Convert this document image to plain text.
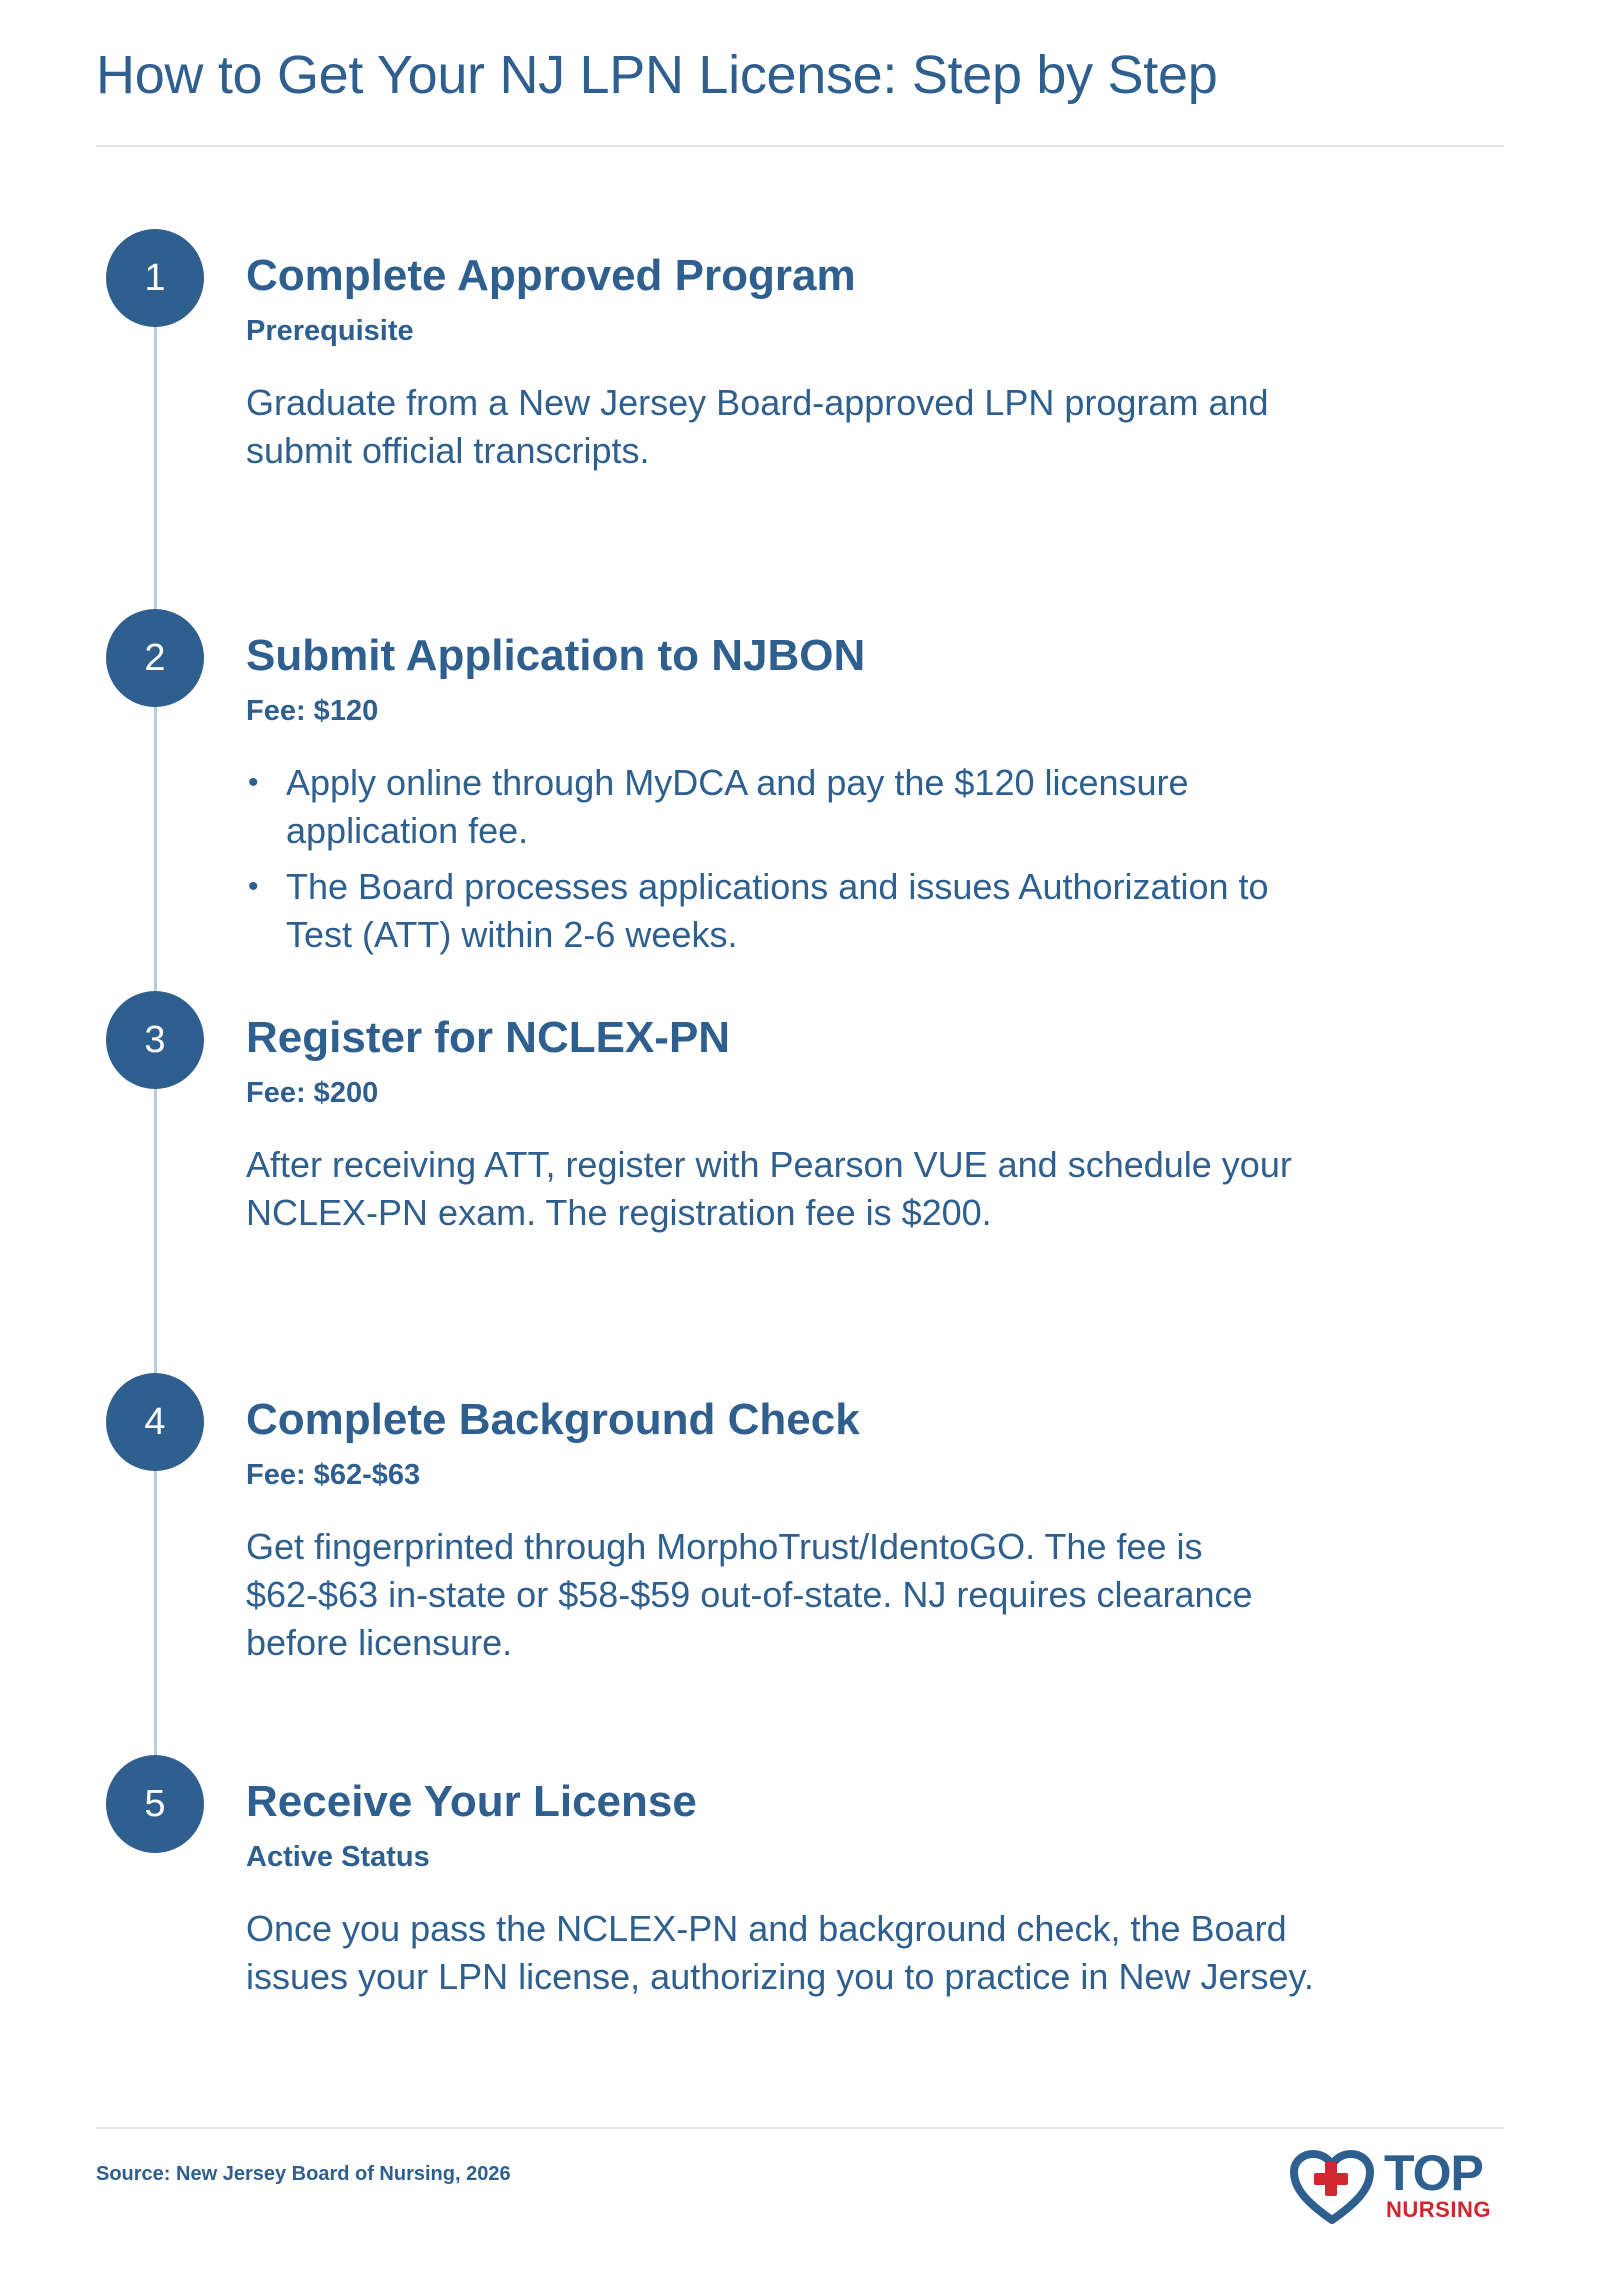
How to Get Your NJ LPN License: Step by Step
1	Complete Approved Program
Prerequisite

Graduate from a New Jersey Board-approved LPN program and submit official transcripts.

2	Submit Application to NJBON
Fee: $120
• Apply online through MyDCA and pay the $120 licensure application fee.
• The Board processes applications and issues Authorization to Test (ATT) within 2-6 weeks.
3	Register for NCLEX-PN
Fee: $200

After receiving ATT, register with Pearson VUE and schedule your NCLEX-PN exam. The registration fee is $200.

4	Complete Background Check
Fee: $62-$63

Get fingerprinted through MorphoTrust/IdentoGO. The fee is $62-$63 in-state or $58-$59 out-of-state. NJ requires clearance before licensure.

5	Receive Your License
Active Status

Once you pass the NCLEX-PN and background check, the Board issues your LPN license, authorizing you to practice in New Jersey.

Source: New Jersey Board of Nursing, 2026	TOP
NURSING
